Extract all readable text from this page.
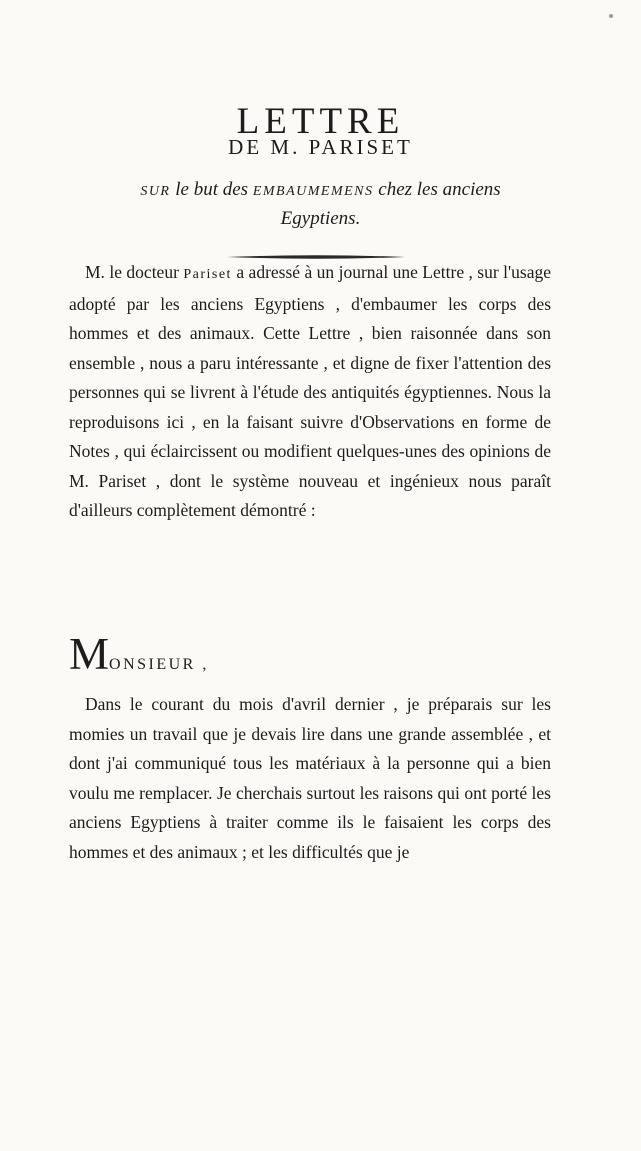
LETTRE
DE M. PARISET
SUR le but des EMBAUMEMENS chez les anciens
Egyptiens.

M. le docteur Pariset a adressé à un journal une Lettre , sur l'usage adopté par les anciens Egyptiens , d'embaumer les corps des hommes et des animaux. Cette Lettre , bien raisonnée dans son ensemble , nous a paru intéressante , et digne de fixer l'attention des personnes qui se livrent à l'étude des antiquités égyptiennes. Nous la reproduisons ici , en la faisant suivre d'Observations en forme de Notes , qui éclaircissent ou modifient quelques-unes des opinions de M. Pariset , dont le système nouveau et ingénieux nous paraît d'ailleurs complètement démontré :

MONSIEUR ,

Dans le courant du mois d'avril dernier , je préparais sur les momies un travail que je devais lire dans une grande assemblée , et dont j'ai communiqué tous les matériaux à la personne qui a bien voulu me remplacer. Je cherchais surtout les raisons qui ont porté les anciens Egyptiens à traiter comme ils le faisaient les corps des hommes et des animaux ; et les difficultés que je
